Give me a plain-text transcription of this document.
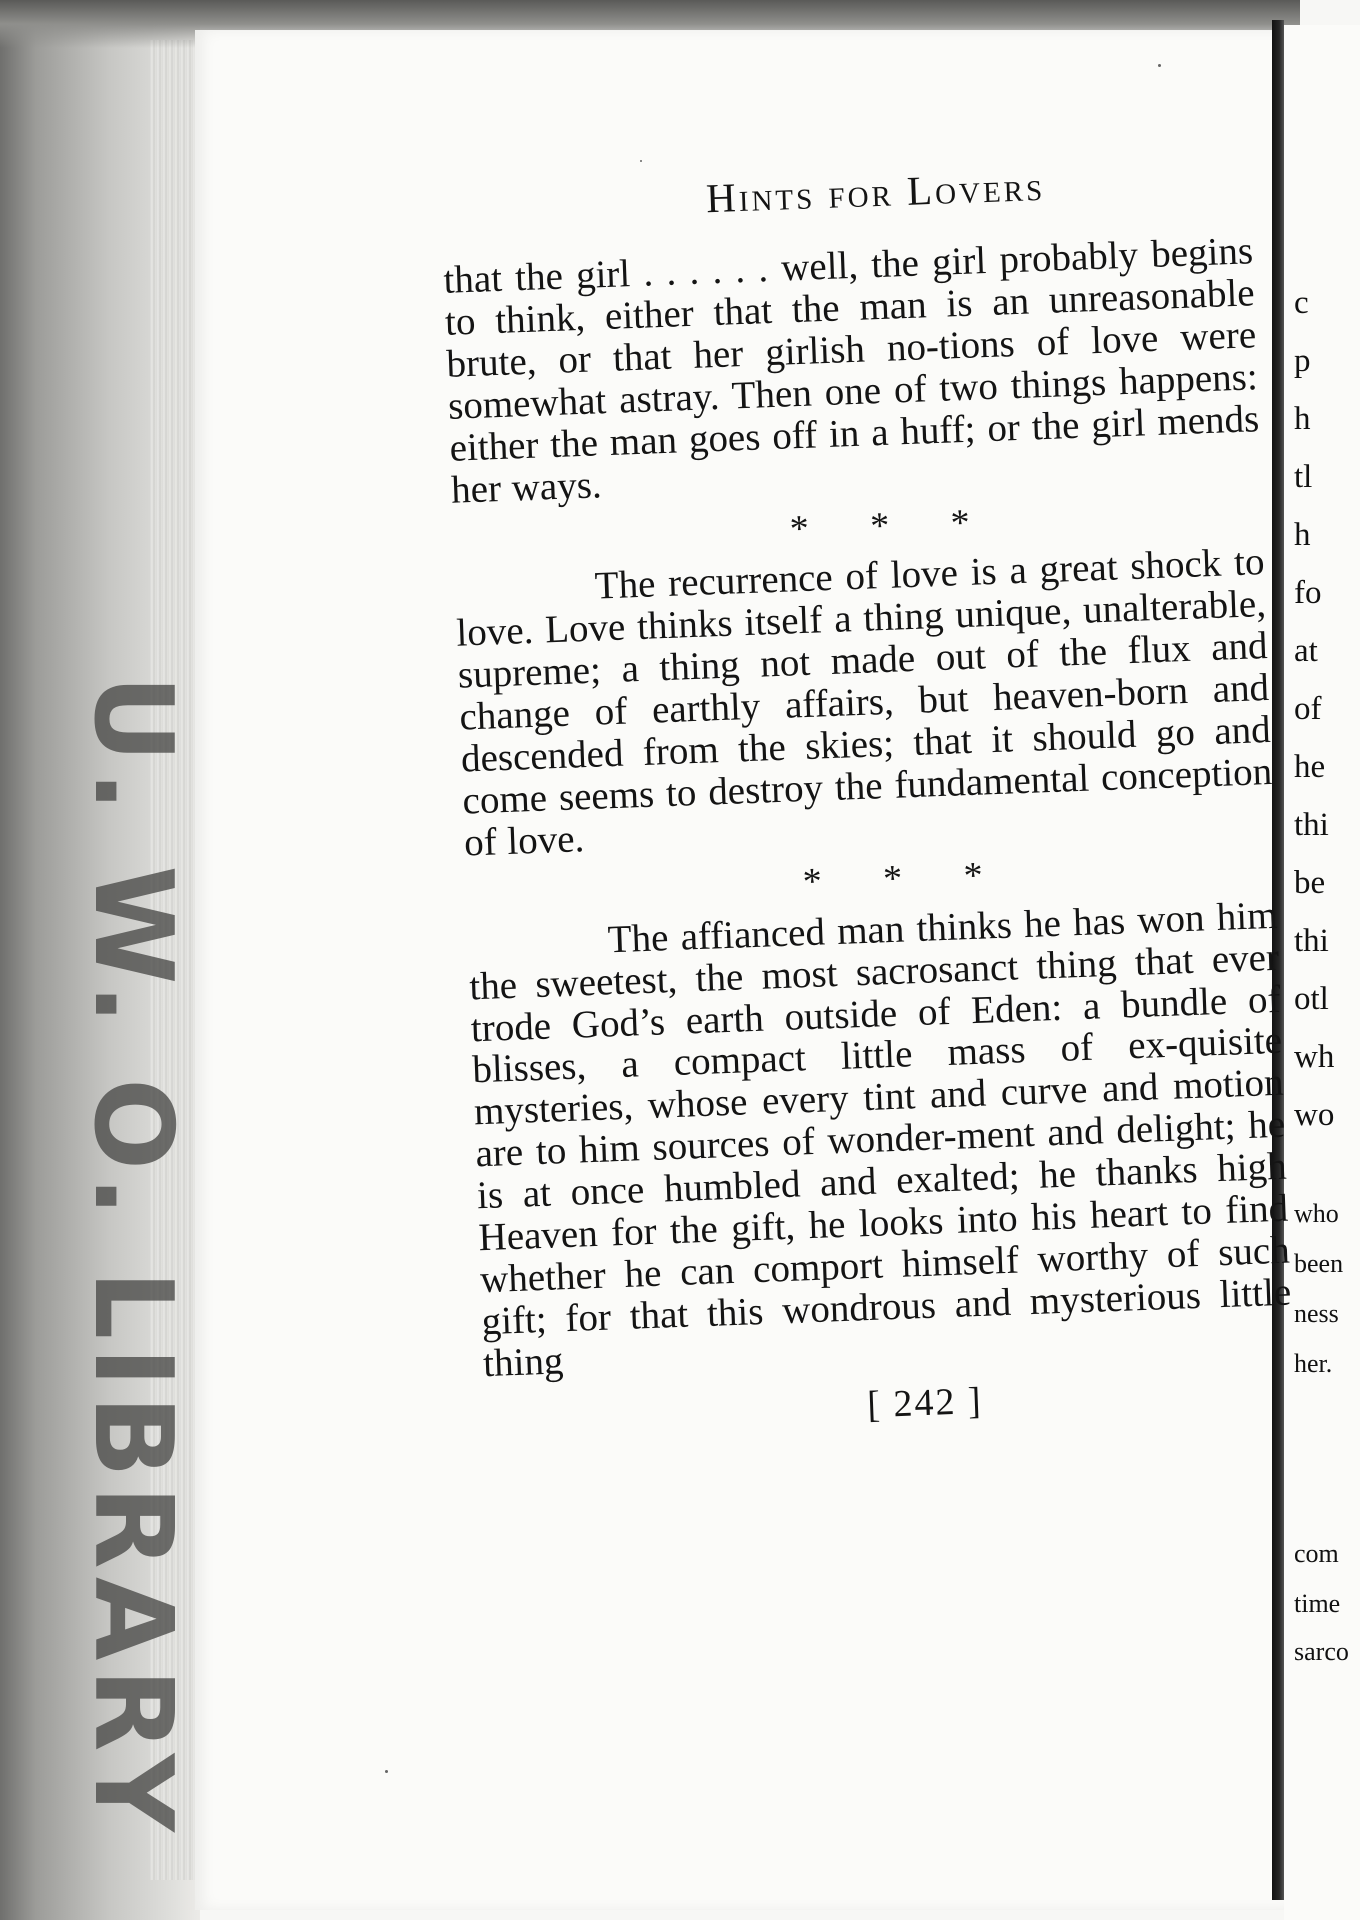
U. W. O. LIBRARY
c
p
h
tl
h
fo
at
of
he
thi
be
thi
otl
wh
wo
who
been
ness
her.
com
time
sarco
Hints for Lovers

that the girl . . . . . . well, the girl probably begins to think, either that the man is an unreasonable brute, or that her girlish no-tions of love were somewhat astray. Then one of two things happens: either the man goes off in a huff; or the girl mends her ways.

* * *

The recurrence of love is a great shock to love. Love thinks itself a thing unique, unalterable, supreme; a thing not made out of the flux and change of earthly affairs, but heaven-born and descended from the skies; that it should go and come seems to destroy the fundamental conception of love.

* * *

The affianced man thinks he has won him the sweetest, the most sacrosanct thing that ever trode God’s earth outside of Eden: a bundle of blisses, a compact little mass of ex-quisite mysteries, whose every tint and curve and motion are to him sources of wonder-ment and delight; he is at once humbled and exalted; he thanks high Heaven for the gift, he looks into his heart to find whether he can comport himself worthy of such gift; for that this wondrous and mysterious little thing

[ 242 ]
